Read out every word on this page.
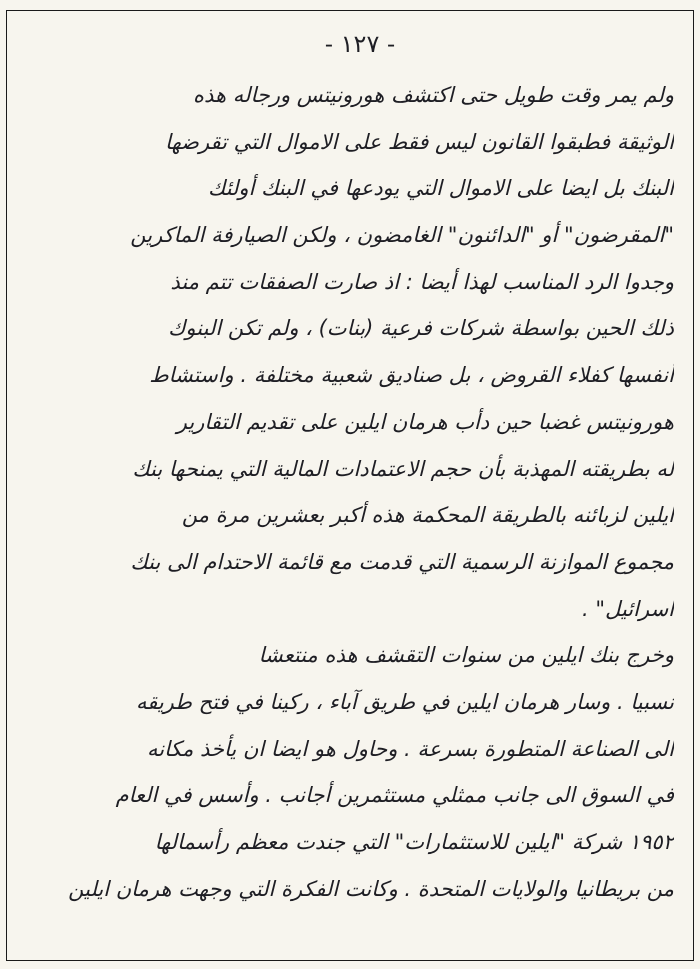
- ١٢٧ -
ولم يمر وقت طويل حتى اكتشف هورونيتس ورجاله هذه
الوثيقة فطبقوا القانون ليس فقط على الاموال التي تقرضها
البنك بل ايضا على الاموال التي يودعها في البنك أولئك
"المقرضون" أو "الدائنون" الغامضون ، ولكن الصيارفة الماكرين
وجدوا الرد المناسب لهذا أيضا : اذ صارت الصفقات تتم منذ
ذلك الحين بواسطة شركات فرعية (بنات) ، ولم تكن البنوك
أنفسها كفلاء القروض ، بل صناديق شعبية مختلفة . واستشاط
هورونيتس غضبا حين دأب هرمان ايلين على تقديم التقارير
له بطريقته المهذبة بأن حجم الاعتمادات المالية التي يمنحها بنك
ايلين لزبائنه بالطريقة المحكمة هذه أكبر بعشرين مرة من
مجموع الموازنة الرسمية التي قدمت مع قائمة الاحتدام الى بنك
اسرائيل" .
وخرج بنك ايلين من سنوات التقشف هذه منتعشا
نسبيا . وسار هرمان ايلين في طريق آباء ، ركينا في فتح طريقه
الى الصناعة المتطورة بسرعة . وحاول هو ايضا ان يأخذ مكانه
في السوق الى جانب ممثلي مستثمرين أجانب . وأسس في العام
١٩٥٢ شركة "ايلين للاستثمارات" التي جندت معظم رأسمالها
من بريطانيا والولايات المتحدة . وكانت الفكرة التي وجهت هرمان ايلين
